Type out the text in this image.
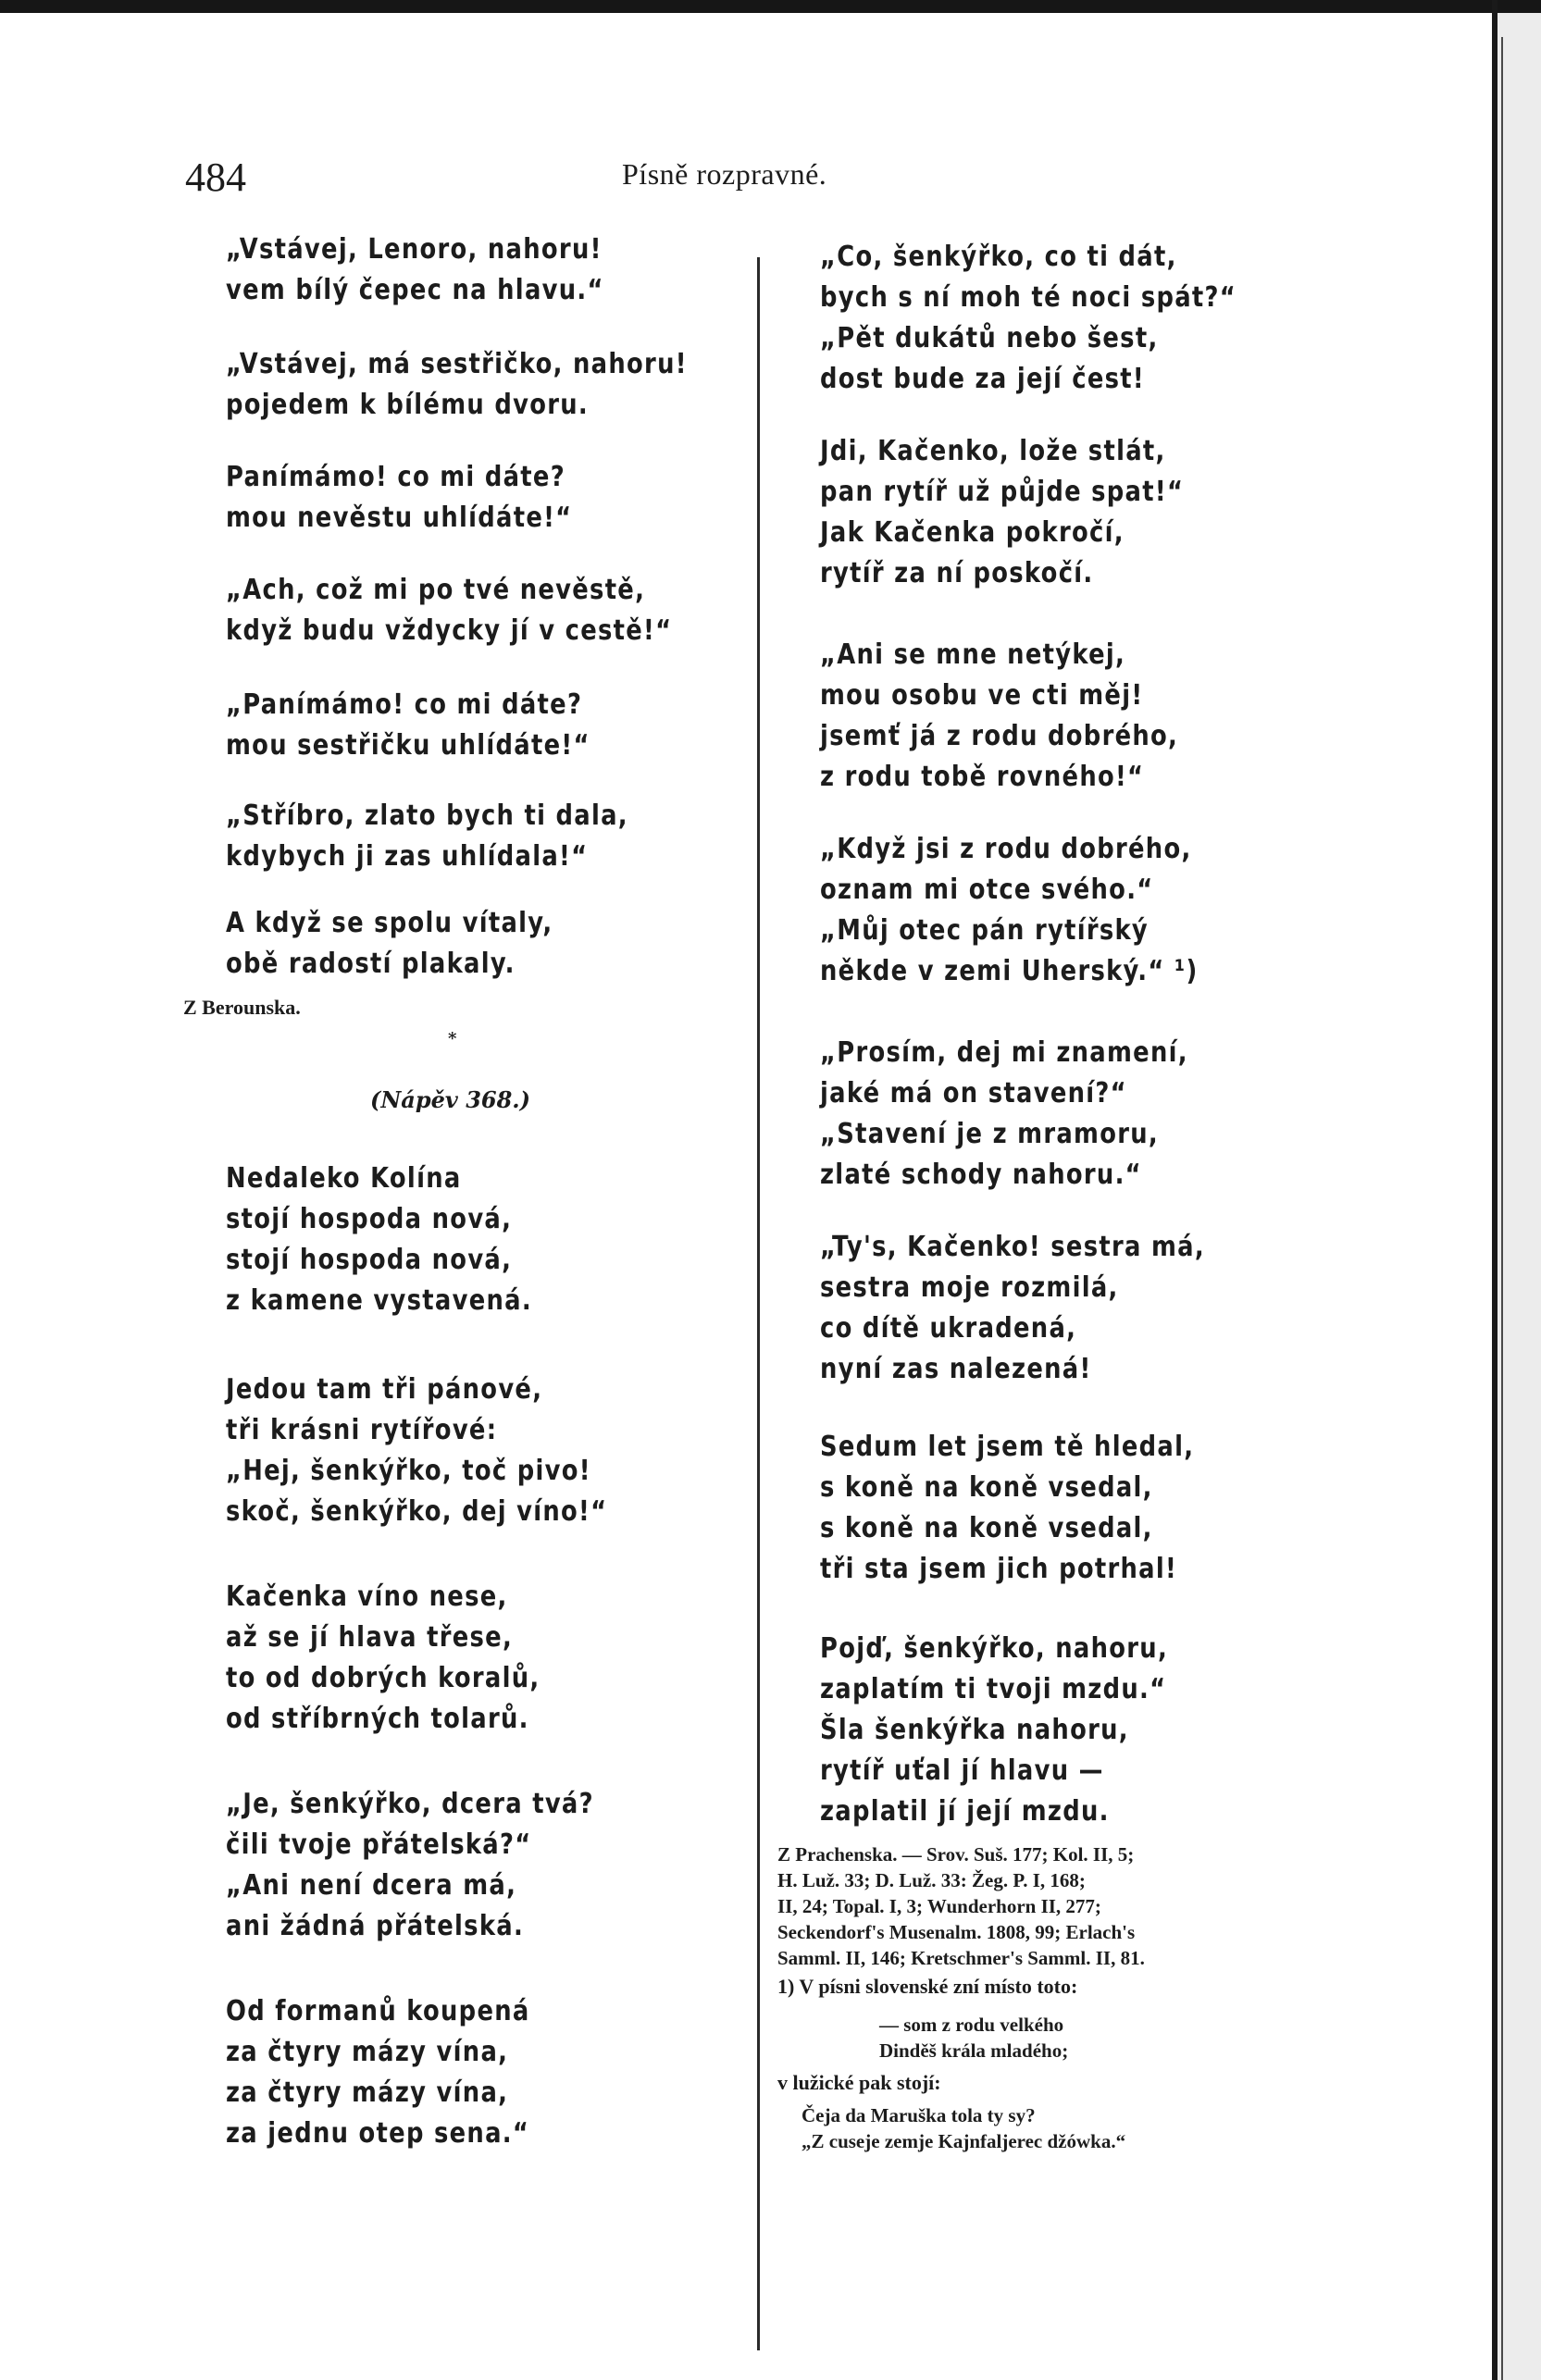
484	Písně rozpravné.
„Vstávej, Lenoro, nahoru!
vem bílý čepec na hlavu.“
„Vstávej, má sestřičko, nahoru!
pojedem k bílému dvoru.
Panímámo! co mi dáte?
mou nevěstu uhlídáte!“
„Ach, což mi po tvé nevěstě,
když budu vždycky jí v cestě!“
„Panímámo! co mi dáte?
mou sestřičku uhlídáte!“
„Stříbro, zlato bych ti dala,
kdybych ji zas uhlídala!“
A když se spolu vítaly,
obě radostí plakaly.
Z Berounska.
*
(Nápěv 368.)
Nedaleko Kolína
stojí hospoda nová,
stojí hospoda nová,
z kamene vystavená.
Jedou tam tři pánové,
tři krásni rytířové:
„Hej, šenkýřko, toč pivo!
skoč, šenkýřko, dej víno!“
Kačenka víno nese,
až se jí hlava třese,
to od dobrých koralů,
od stříbrných tolarů.
„Je, šenkýřko, dcera tvá?
čili tvoje přátelská?“
„Ani není dcera má,
ani žádná přátelská.
Od formanů koupená
za čtyry mázy vína,
za čtyry mázy vína,
za jednu otep sena.“
„Co, šenkýřko, co ti dát,
bych s ní moh té noci spát?“
„Pět dukátů nebo šest,
dost bude za její čest!
Jdi, Kačenko, lože stlát,
pan rytíř už půjde spat!“
Jak Kačenka pokročí,
rytíř za ní poskočí.
„Ani se mne netýkej,
mou osobu ve cti měj!
jsemť já z rodu dobrého,
z rodu tobě rovného!“
„Když jsi z rodu dobrého,
oznam mi otce svého.“
„Můj otec pán rytířský
někde v zemi Uherský.“ ¹)
„Prosím, dej mi znamení,
jaké má on stavení?“
„Stavení je z mramoru,
zlaté schody nahoru.“
„Ty's, Kačenko! sestra má,
sestra moje rozmilá,
co dítě ukradená,
nyní zas nalezená!
Sedum let jsem tě hledal,
s koně na koně vsedal,
s koně na koně vsedal,
tři sta jsem jich potrhal!
Pojď, šenkýřko, nahoru,
zaplatím ti tvoji mzdu.“
Šla šenkýřka nahoru,
rytíř uťal jí hlavu —
zaplatil jí její mzdu.
Z Prachenska. — Srov. Suš. 177; Kol. II, 5;
H. Luž. 33; D. Luž. 33: Žeg. P. I, 168;
II, 24; Topal. I, 3; Wunderhorn II, 277;
Seckendorf's Musenalm. 1808, 99; Erlach's
Samml. II, 146; Kretschmer's Samml. II, 81.
1) V písni slovenské zní místo toto:
— som z rodu velkého
Dinděš krála mladého;
v lužické pak stojí:
Čeja da Maruška tola ty sy?
„Z cuseje zemje Kajnfaljerec džówka.“
